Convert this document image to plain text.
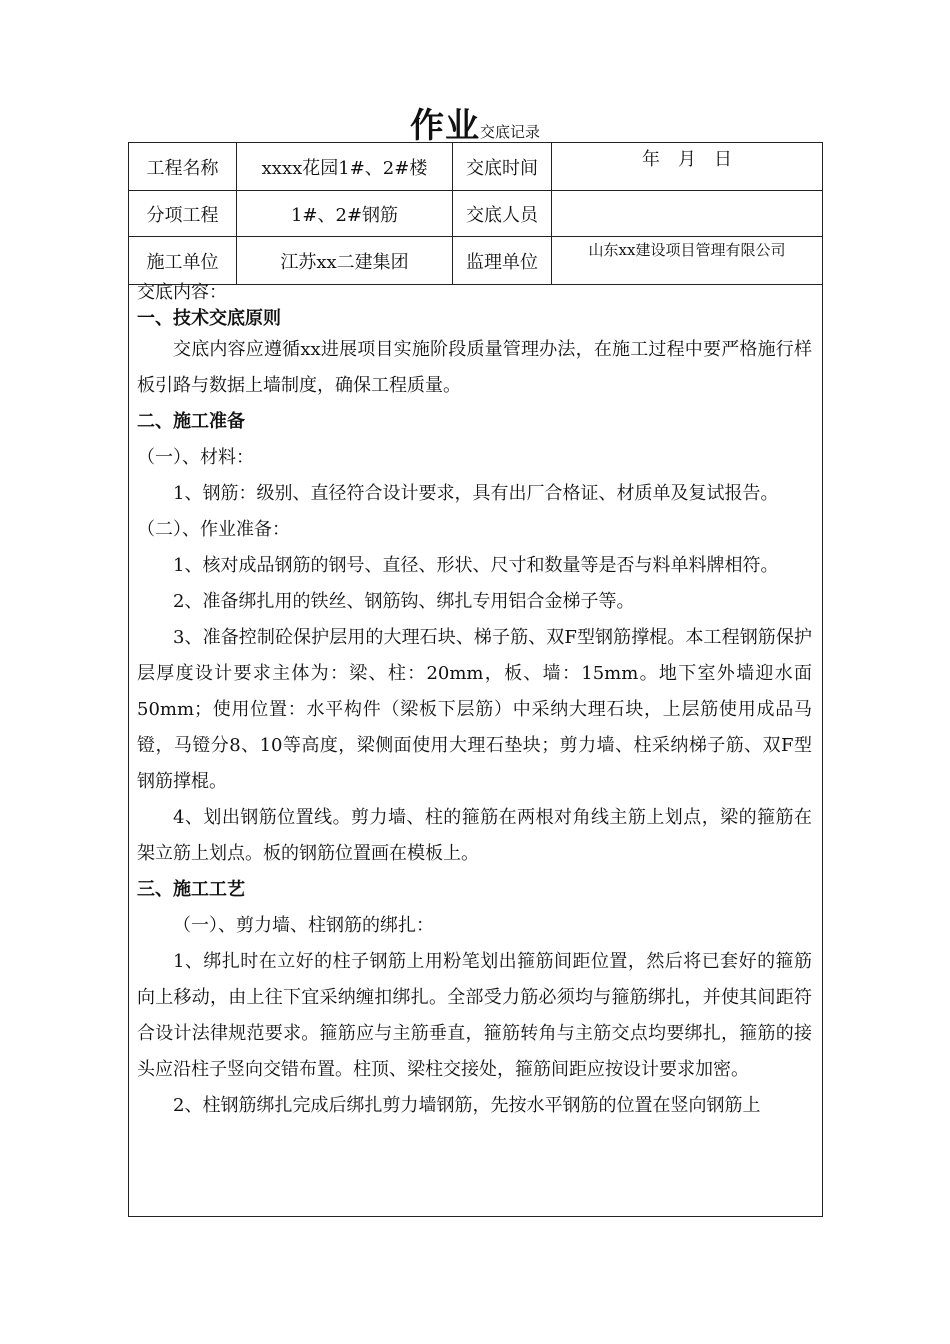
作业交底记录
工程名称	xxxx花园1#、2#楼	交底时间	年　月　日
分项工程	1#、2#钢筋	交底人员	
施工单位	江苏xx二建集团	监理单位	山东xx建设项目管理有限公司

交底内容：

一、技术交底原则

交底内容应遵循xx进展项目实施阶段质量管理办法，在施工过程中要严格施行样板引路与数据上墙制度，确保工程质量。

二、施工准备

（一）、材料：

1、钢筋：级别、直径符合设计要求，具有出厂合格证、材质单及复试报告。

（二）、作业准备：

1、核对成品钢筋的钢号、直径、形状、尺寸和数量等是否与料单料牌相符。

2、准备绑扎用的铁丝、钢筋钩、绑扎专用铝合金梯子等。

3、准备控制砼保护层用的大理石块、梯子筋、双F型钢筋撑棍。本工程钢筋保护层厚度设计要求主体为：梁、柱：20mm，板、墙：15mm。地下室外墙迎水面50mm；使用位置：水平构件（梁板下层筋）中采纳大理石块，上层筋使用成品马镫，马镫分8、10等高度，梁侧面使用大理石垫块；剪力墙、柱采纳梯子筋、双F型钢筋撑棍。

4、划出钢筋位置线。剪力墙、柱的箍筋在两根对角线主筋上划点，梁的箍筋在架立筋上划点。板的钢筋位置画在模板上。

三、施工工艺

（一）、剪力墙、柱钢筋的绑扎：

1、绑扎时在立好的柱子钢筋上用粉笔划出箍筋间距位置，然后将已套好的箍筋向上移动，由上往下宜采纳缠扣绑扎。全部受力筋必须均与箍筋绑扎，并使其间距符合设计法律规范要求。箍筋应与主筋垂直，箍筋转角与主筋交点均要绑扎，箍筋的接头应沿柱子竖向交错布置。柱顶、梁柱交接处，箍筋间距应按设计要求加密。

2、柱钢筋绑扎完成后绑扎剪力墙钢筋，先按水平钢筋的位置在竖向钢筋上
